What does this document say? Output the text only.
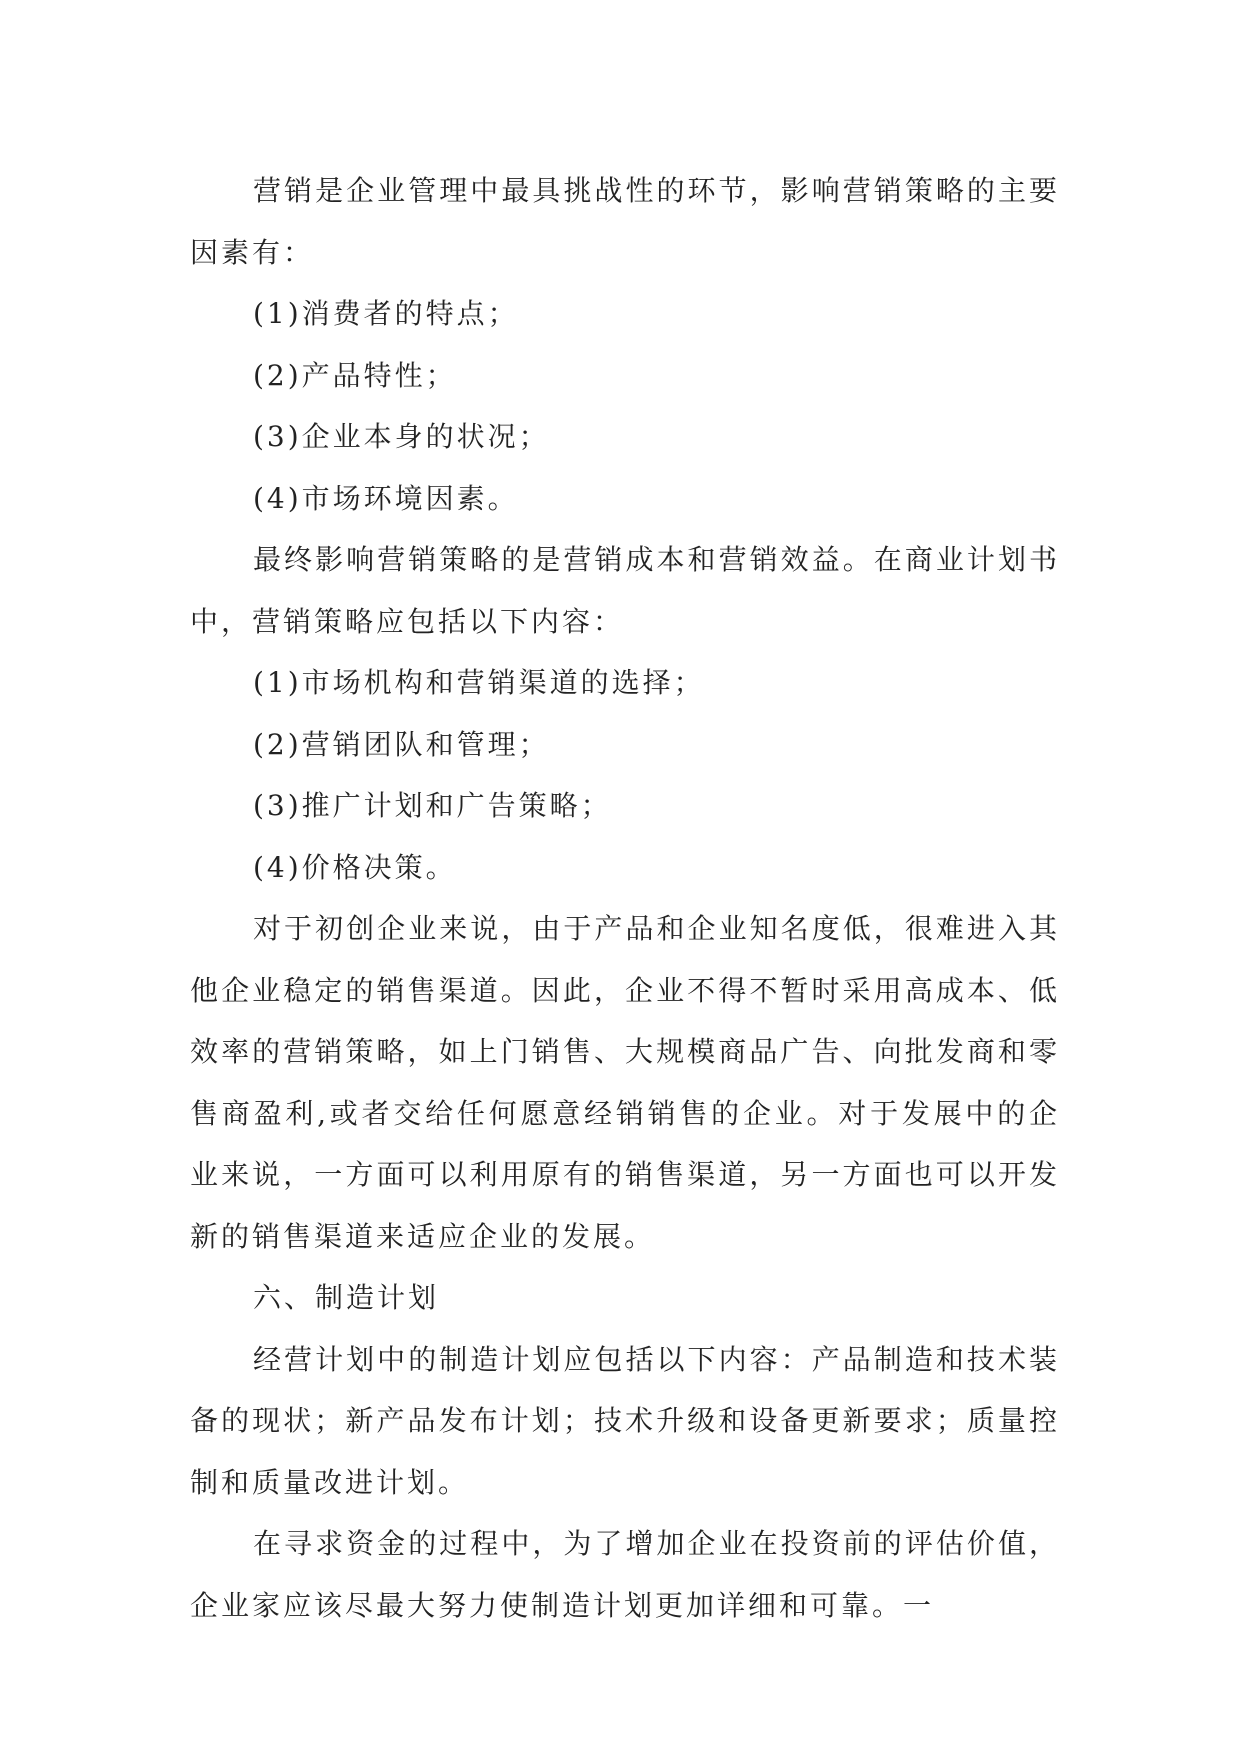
营销是企业管理中最具挑战性的环节，影响营销策略的主要因素有：

(1)消费者的特点；

(2)产品特性；

(3)企业本身的状况；

(4)市场环境因素。

最终影响营销策略的是营销成本和营销效益。在商业计划书中，营销策略应包括以下内容：

(1)市场机构和营销渠道的选择；

(2)营销团队和管理；

(3)推广计划和广告策略；

(4)价格决策。

对于初创企业来说，由于产品和企业知名度低，很难进入其他企业稳定的销售渠道。因此，企业不得不暂时采用高成本、低效率的营销策略，如上门销售、大规模商品广告、向批发商和零售商盈利,或者交给任何愿意经销销售的企业。对于发展中的企业来说，一方面可以利用原有的销售渠道，另一方面也可以开发新的销售渠道来适应企业的发展。

六、制造计划

经营计划中的制造计划应包括以下内容：产品制造和技术装备的现状；新产品发布计划；技术升级和设备更新要求；质量控制和质量改进计划。

在寻求资金的过程中，为了增加企业在投资前的评估价值，企业家应该尽最大努力使制造计划更加详细和可靠。一
